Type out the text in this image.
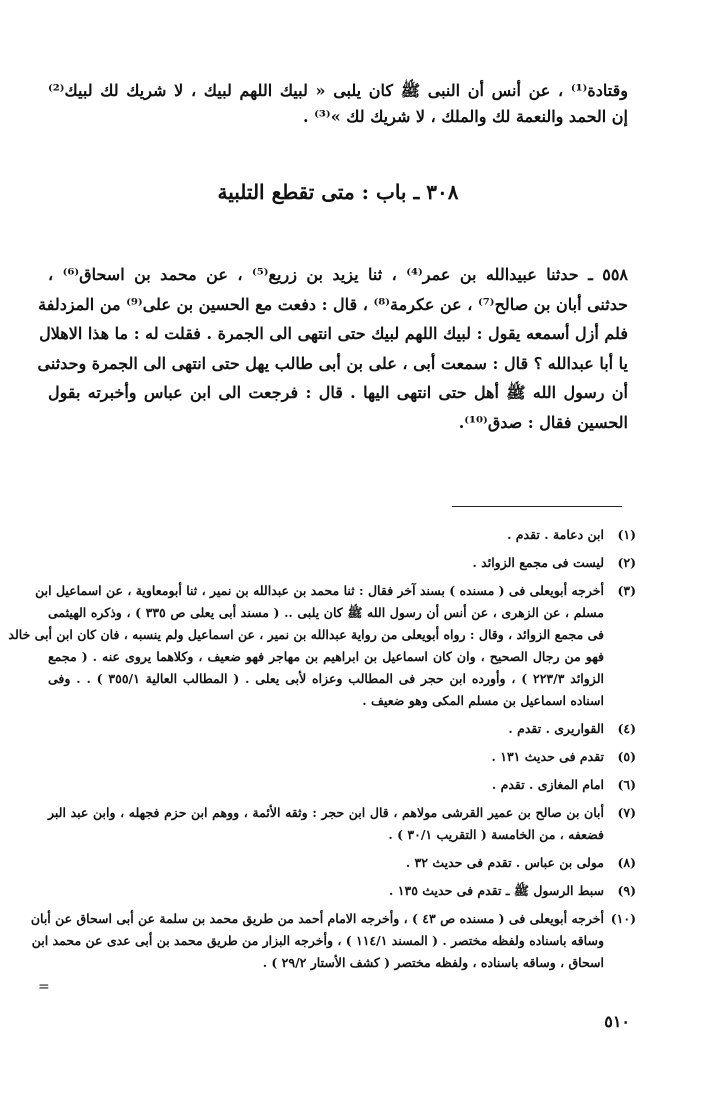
وقتادة⁽¹⁾ ، عن أنس أن النبى ﷺ كان يلبى « لبيك اللهم لبيك ، لا شريك لك لبيك⁽²⁾
إن الحمد والنعمة لك والملك ، لا شريك لك »⁽³⁾ .
٣٠٨ ـ باب : متى تقطع التلبية
٥٥٨ ـ حدثنا عبيدالله بن عمر⁽⁴⁾ ، ثنا يزيد بن زريع⁽⁵⁾ ، عن محمد بن اسحاق⁽⁶⁾ ،
حدثنى أبان بن صالح⁽⁷⁾ ، عن عكرمة⁽⁸⁾ ، قال : دفعت مع الحسين بن على⁽⁹⁾ من المزدلفة
فلم أزل أسمعه يقول : لبيك اللهم لبيك حتى انتهى الى الجمرة . فقلت له : ما هذا الاهلال
يا أبا عبدالله ؟ قال : سمعت أبى ، على بن أبى طالب يهل حتى انتهى الى الجمرة وحدثنى
أن رسول الله ﷺ أهل حتى انتهى اليها . قال : فرجعت الى ابن عباس وأخبرته بقول
الحسين فقال : صدق⁽¹⁰⁾.
(١)
ابن دعامة . تقدم .
(٢)
ليست فى مجمع الزوائد .
(٣)
أخرجه أبويعلى فى ( مسنده ) بسند آخر فقال : ثنا محمد بن عبدالله بن نمير ، ثنا أبومعاوية ، عن اسماعيل ابن
مسلم ، عن الزهرى ، عن أنس أن رسول الله ﷺ كان يلبى .. ( مسند أبى يعلى ص ٣٣٥ ) ، وذكره الهيثمى
فى مجمع الزوائد ، وقال : رواه أبويعلى من رواية عبدالله بن نمير ، عن اسماعيل ولم ينسبه ، فان كان ابن أبى خالد
فهو من رجال الصحيح ، وان كان اسماعيل بن ابراهيم بن مهاجر فهو ضعيف ، وكلاهما يروى عنه . ( مجمع
الزوائد ٢٢٣/٣ ) ، وأورده ابن حجر فى المطالب وعزاه لأبى يعلى . ( المطالب العالية ٣٥٥/١ ) . . وفى
اسناده اسماعيل بن مسلم المكى وهو ضعيف .
(٤)
القواريرى . تقدم .
(٥)
تقدم فى حديث ١٣١ .
(٦)
امام المغازى . تقدم .
(٧)
أبان بن صالح بن عمير القرشى مولاهم ، قال ابن حجر : وثقه الأئمة ، ووهم ابن حزم فجهله ، وابن عبد البر
فضعفه ، من الخامسة ( التقريب ٣٠/١ ) .
(٨)
مولى بن عباس . تقدم فى حديث ٣٢ .
(٩)
سبط الرسول ﷺ ـ تقدم فى حديث ١٣٥ .
(١٠)
أخرجه أبويعلى فى ( مسنده ص ٤٣ ) ، وأخرجه الامام أحمد من طريق محمد بن سلمة عن أبى اسحاق عن أبان
وساقه باسناده ولفظه مختصر . ( المسند ١١٤/١ ) ، وأخرجه البزار من طريق محمد بن أبى عدى عن محمد ابن
اسحاق ، وساقه باسناده ، ولفظه مختصر ( كشف الأستار ٢٩/٢ ) .
=
٥١٠
